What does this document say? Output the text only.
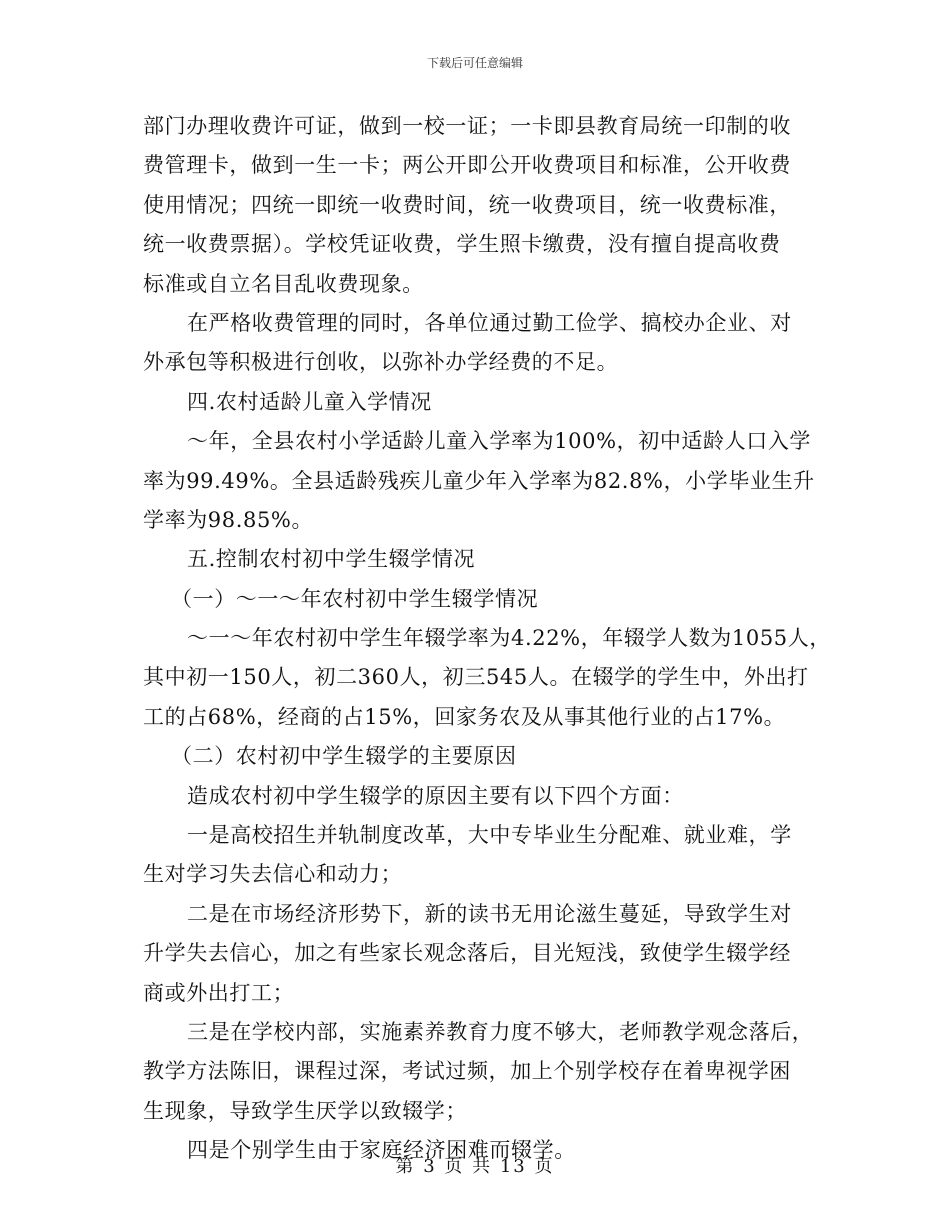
下载后可任意编辑
部门办理收费许可证，做到一校一证；一卡即县教育局统一印制的收
费管理卡，做到一生一卡；两公开即公开收费项目和标准，公开收费
使用情况；四统一即统一收费时间，统一收费项目，统一收费标准，
统一收费票据）。学校凭证收费，学生照卡缴费，没有擅自提高收费
标准或自立名目乱收费现象。
在严格收费管理的同时，各单位通过勤工俭学、搞校办企业、对
外承包等积极进行创收，以弥补办学经费的不足。
四.农村适龄儿童入学情况
～年，全县农村小学适龄儿童入学率为100%，初中适龄人口入学
率为99.49%。全县适龄残疾儿童少年入学率为82.8%，小学毕业生升
学率为98.85%。
五.控制农村初中学生辍学情况
（一）～一～年农村初中学生辍学情况
～一～年农村初中学生年辍学率为4.22%，年辍学人数为1055人，
其中初一150人，初二360人，初三545人。在辍学的学生中，外出打
工的占68%，经商的占15%，回家务农及从事其他行业的占17%。
（二）农村初中学生辍学的主要原因
造成农村初中学生辍学的原因主要有以下四个方面：
一是高校招生并轨制度改革，大中专毕业生分配难、就业难，学
生对学习失去信心和动力；
二是在市场经济形势下，新的读书无用论滋生蔓延，导致学生对
升学失去信心，加之有些家长观念落后，目光短浅，致使学生辍学经
商或外出打工；
三是在学校内部，实施素养教育力度不够大，老师教学观念落后，
教学方法陈旧，课程过深，考试过频，加上个别学校存在着卑视学困
生现象，导致学生厌学以致辍学；
四是个别学生由于家庭经济困难而辍学。
第 3 页 共 13 页
